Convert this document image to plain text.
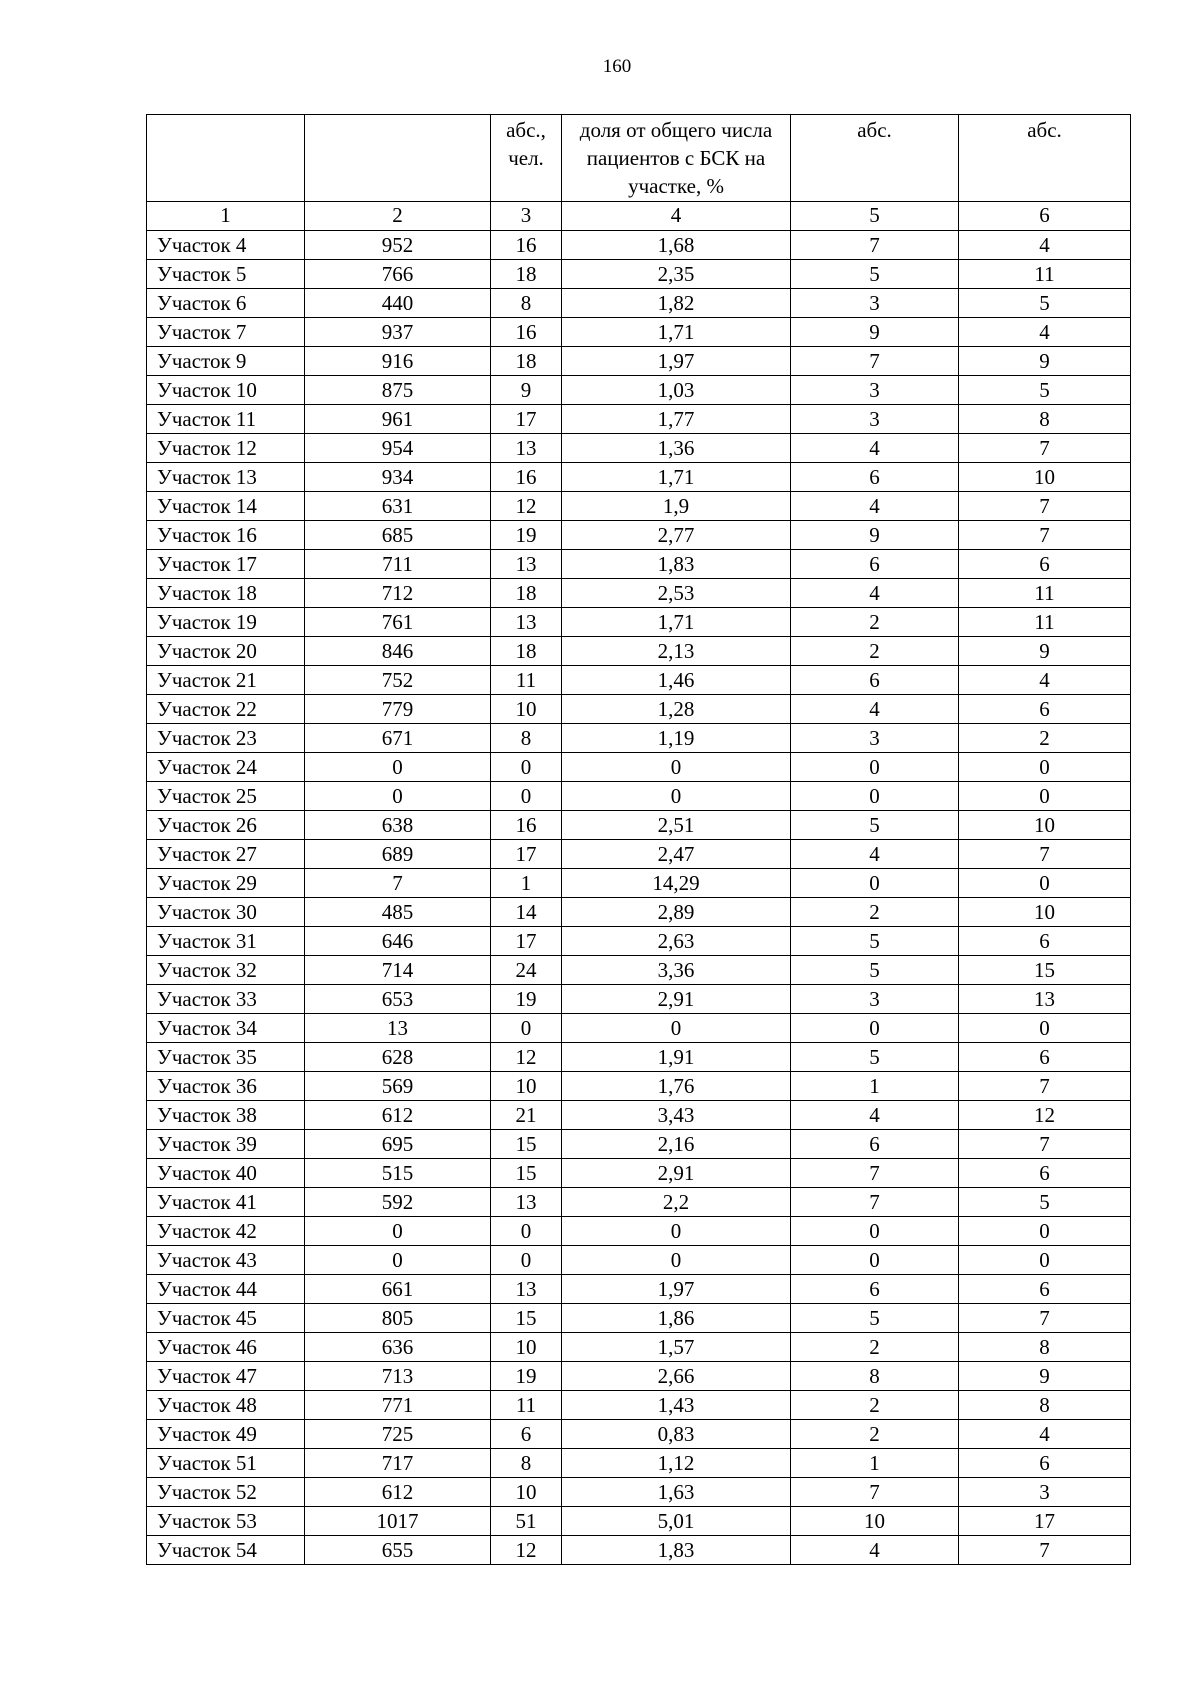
160
		абс., чел.	доля от общего числа пациентов с БСК на участке, %	абс.	абс.
1	2	3	4	5	6
Участок 4	952	16	1,68	7	4
Участок 5	766	18	2,35	5	11
Участок 6	440	8	1,82	3	5
Участок 7	937	16	1,71	9	4
Участок 9	916	18	1,97	7	9
Участок 10	875	9	1,03	3	5
Участок 11	961	17	1,77	3	8
Участок 12	954	13	1,36	4	7
Участок 13	934	16	1,71	6	10
Участок 14	631	12	1,9	4	7
Участок 16	685	19	2,77	9	7
Участок 17	711	13	1,83	6	6
Участок 18	712	18	2,53	4	11
Участок 19	761	13	1,71	2	11
Участок 20	846	18	2,13	2	9
Участок 21	752	11	1,46	6	4
Участок 22	779	10	1,28	4	6
Участок 23	671	8	1,19	3	2
Участок 24	0	0	0	0	0
Участок 25	0	0	0	0	0
Участок 26	638	16	2,51	5	10
Участок 27	689	17	2,47	4	7
Участок 29	7	1	14,29	0	0
Участок 30	485	14	2,89	2	10
Участок 31	646	17	2,63	5	6
Участок 32	714	24	3,36	5	15
Участок 33	653	19	2,91	3	13
Участок 34	13	0	0	0	0
Участок 35	628	12	1,91	5	6
Участок 36	569	10	1,76	1	7
Участок 38	612	21	3,43	4	12
Участок 39	695	15	2,16	6	7
Участок 40	515	15	2,91	7	6
Участок 41	592	13	2,2	7	5
Участок 42	0	0	0	0	0
Участок 43	0	0	0	0	0
Участок 44	661	13	1,97	6	6
Участок 45	805	15	1,86	5	7
Участок 46	636	10	1,57	2	8
Участок 47	713	19	2,66	8	9
Участок 48	771	11	1,43	2	8
Участок 49	725	6	0,83	2	4
Участок 51	717	8	1,12	1	6
Участок 52	612	10	1,63	7	3
Участок 53	1017	51	5,01	10	17
Участок 54	655	12	1,83	4	7
